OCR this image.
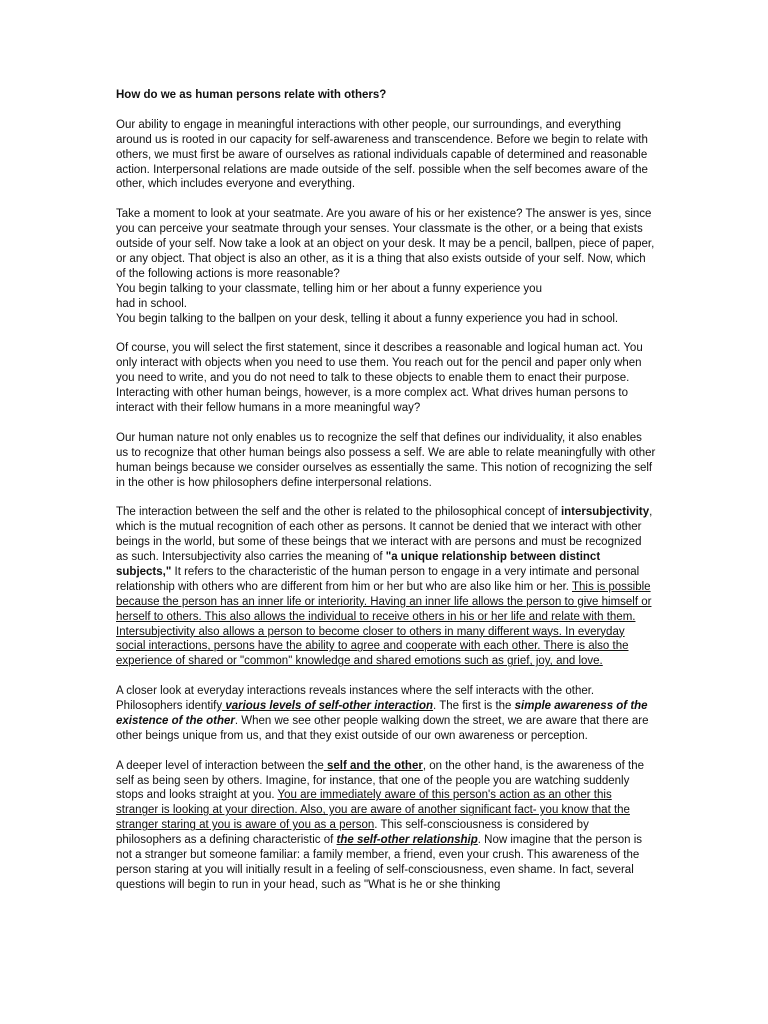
How do we as human persons relate with others?

Our ability to engage in meaningful interactions with other people, our surroundings, and everything around us is rooted in our capacity for self-awareness and transcendence. Before we begin to relate with others, we must first be aware of ourselves as rational individuals capable of determined and reasonable action. Interpersonal relations are made outside of the self. possible when the self becomes aware of the other, which includes everyone and everything.

Take a moment to look at your seatmate. Are you aware of his or her existence? The answer is yes, since you can perceive your seatmate through your senses. Your classmate is the other, or a being that exists outside of your self. Now take a look at an object on your desk. It may be a pencil, ballpen, piece of paper, or any object. That object is also an other, as it is a thing that also exists outside of your self. Now, which of the following actions is more reasonable?
You begin talking to your classmate, telling him or her about a funny experience you
had in school.
You begin talking to the ballpen on your desk, telling it about a funny experience you had in school.

Of course, you will select the first statement, since it describes a reasonable and logical human act. You only interact with objects when you need to use them. You reach out for the pencil and paper only when you need to write, and you do not need to talk to these objects to enable them to enact their purpose. Interacting with other human beings, however, is a more complex act. What drives human persons to interact with their fellow humans in a more meaningful way?

Our human nature not only enables us to recognize the self that defines our individuality, it also enables us to recognize that other human beings also possess a self. We are able to relate meaningfully with other human beings because we consider ourselves as essentially the same. This notion of recognizing the self in the other is how philosophers define interpersonal relations.

The interaction between the self and the other is related to the philosophical concept of intersubjectivity, which is the mutual recognition of each other as persons. It cannot be denied that we interact with other beings in the world, but some of these beings that we interact with are persons and must be recognized as such. Intersubjectivity also carries the meaning of "a unique relationship between distinct subjects," It refers to the characteristic of the human person to engage in a very intimate and personal relationship with others who are different from him or her but who are also like him or her. This is possible because the person has an inner life or interiority. Having an inner life allows the person to give himself or herself to others. This also allows the individual to receive others in his or her life and relate with them. Intersubjectivity also allows a person to become closer to others in many different ways. In everyday social interactions, persons have the ability to agree and cooperate with each other. There is also the experience of shared or "common" knowledge and shared emotions such as grief, joy, and love.

A closer look at everyday interactions reveals instances where the self interacts with the other. Philosophers identify various levels of self-other interaction. The first is the simple awareness of the existence of the other. When we see other people walking down the street, we are aware that there are other beings unique from us, and that they exist outside of our own awareness or perception.

A deeper level of interaction between the self and the other, on the other hand, is the awareness of the self as being seen by others. Imagine, for instance, that one of the people you are watching suddenly stops and looks straight at you. You are immediately aware of this person's action as an other this stranger is looking at your direction. Also, you are aware of another significant fact- you know that the stranger staring at you is aware of you as a person. This self-consciousness is considered by philosophers as a defining characteristic of the self-other relationship. Now imagine that the person is not a stranger but someone familiar: a family member, a friend, even your crush. This awareness of the person staring at you will initially result in a feeling of self-consciousness, even shame. In fact, several questions will begin to run in your head, such as "What is he or she thinking
